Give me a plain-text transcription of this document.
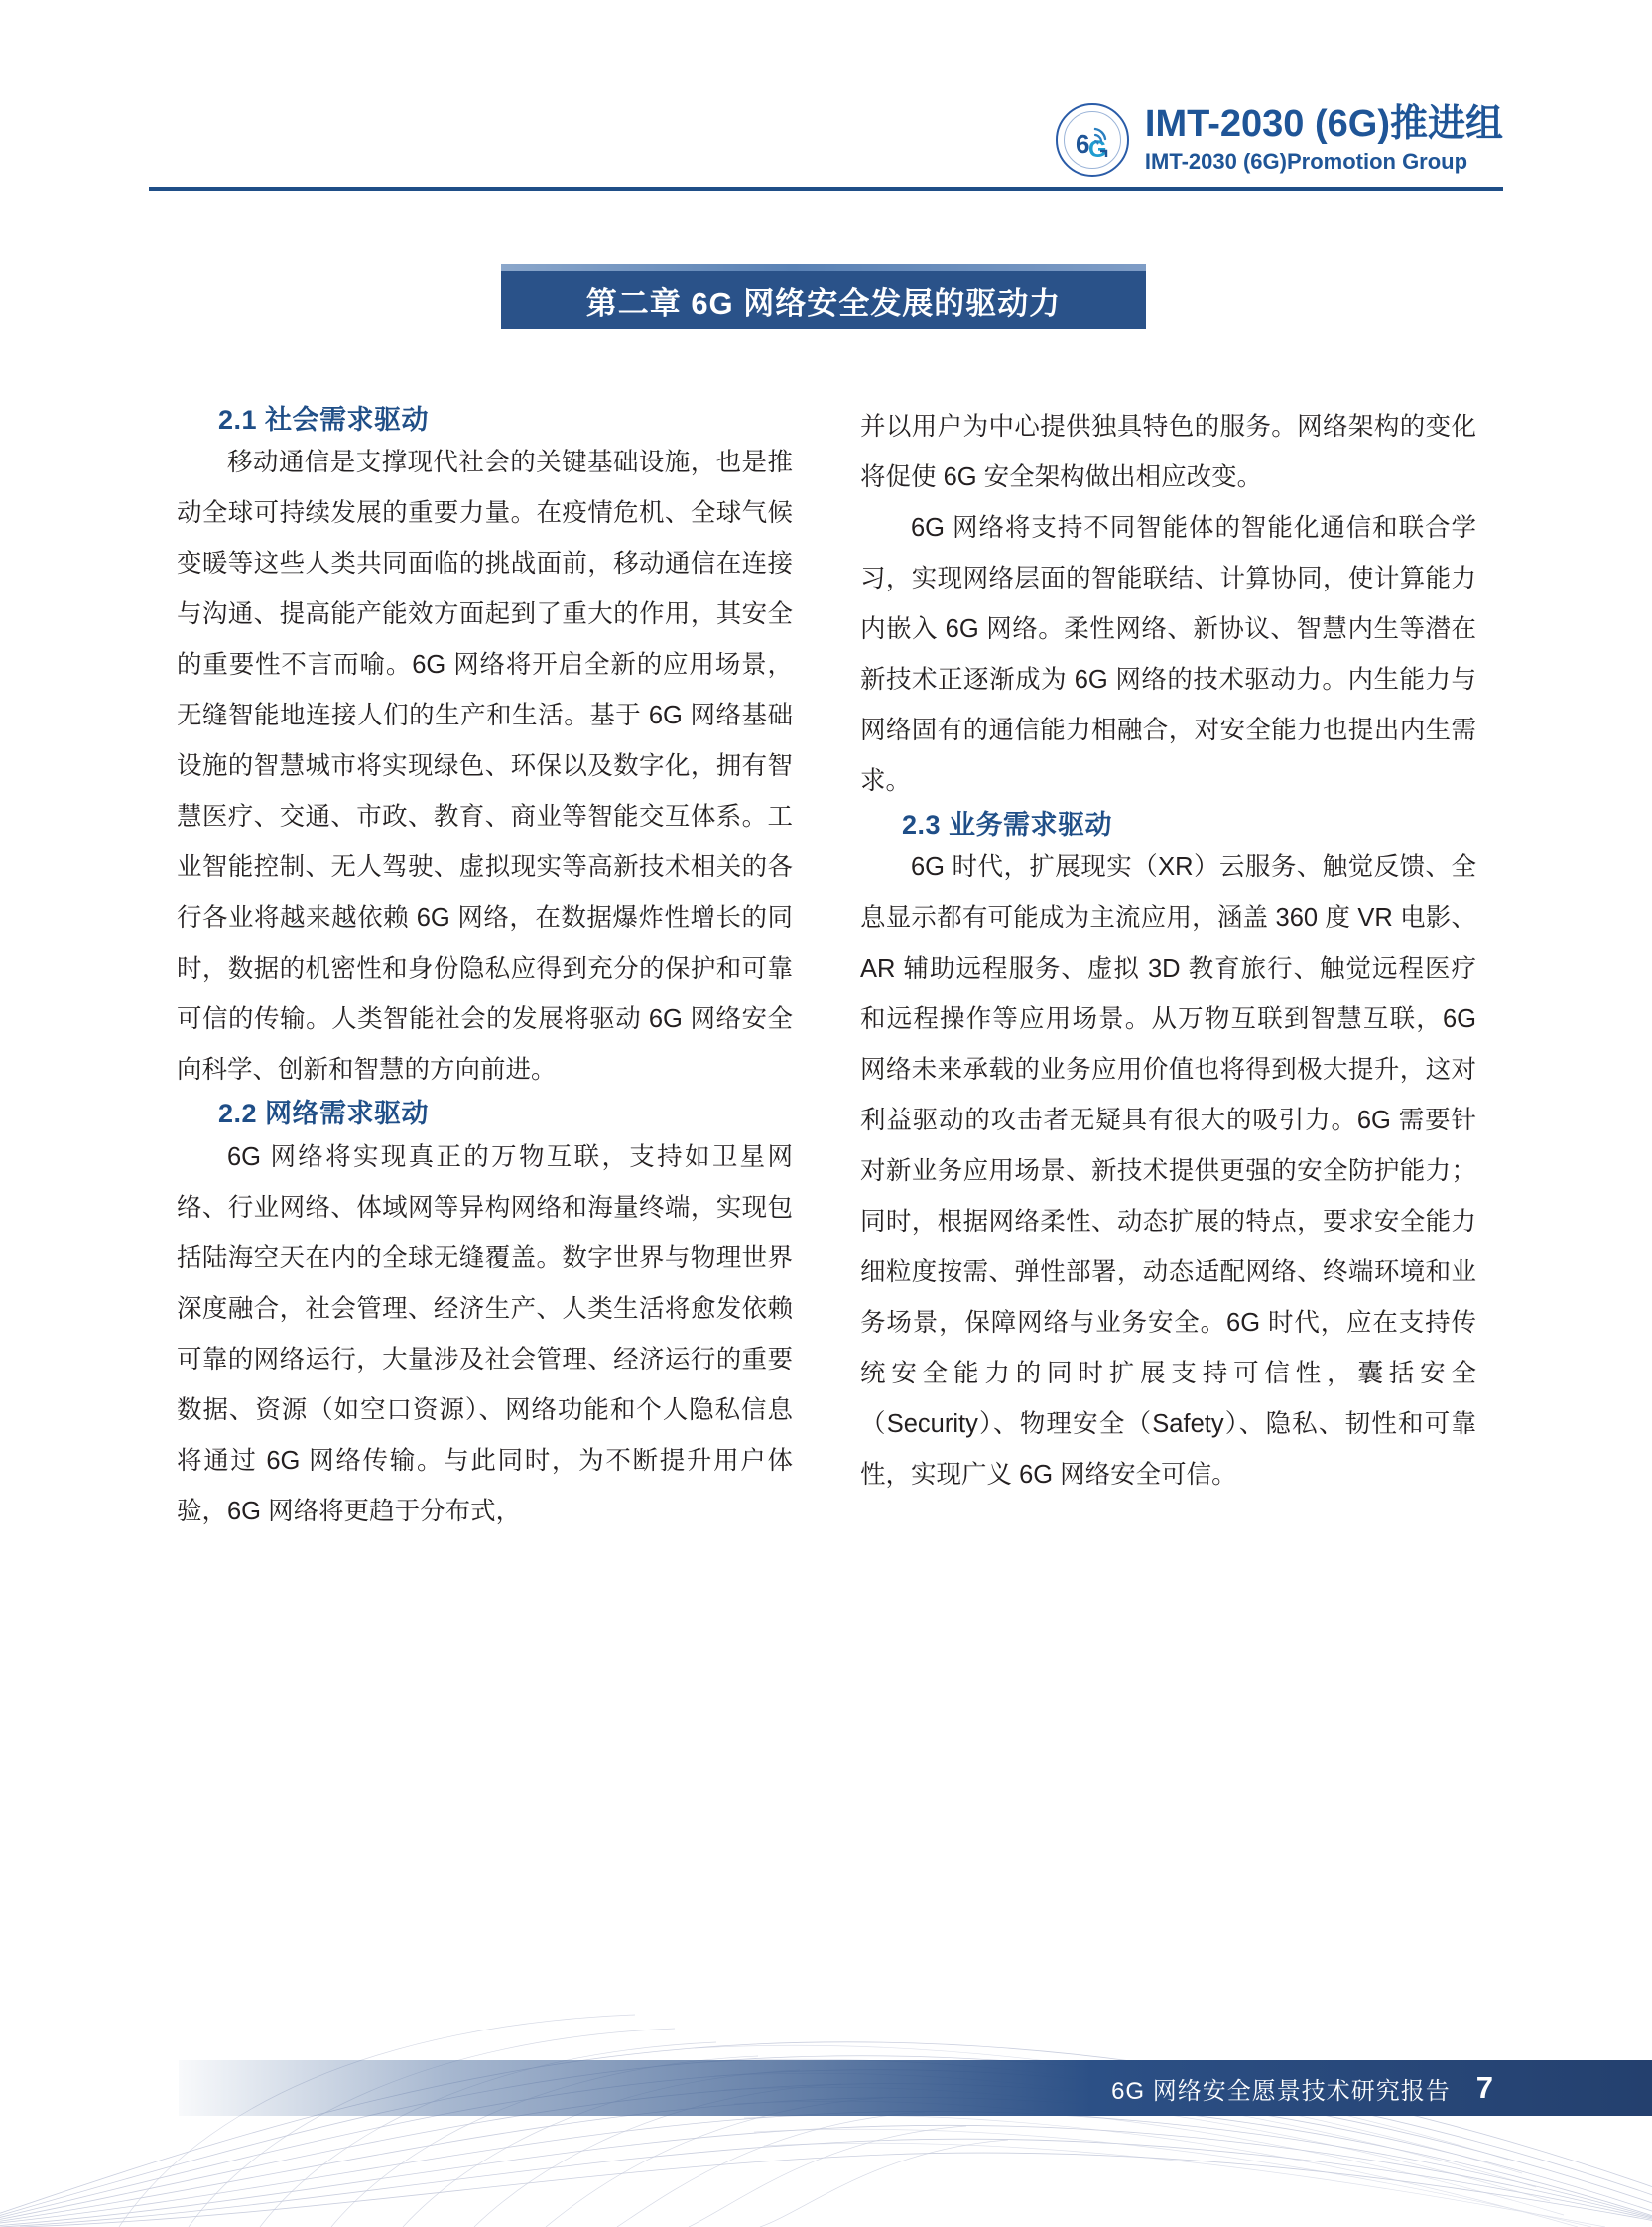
6
G
IMT-2030 (6G)推进组
IMT-2030 (6G)Promotion Group
第二章 6G 网络安全发展的驱动力
2.1 社会需求驱动

移动通信是支撑现代社会的关键基础设施，也是推动全球可持续发展的重要力量。在疫情危机、全球气候变暖等这些人类共同面临的挑战面前，移动通信在连接与沟通、提高能产能效方面起到了重大的作用，其安全的重要性不言而喻。6G 网络将开启全新的应用场景，无缝智能地连接人们的生产和生活。基于 6G 网络基础设施的智慧城市将实现绿色、环保以及数字化，拥有智慧医疗、交通、市政、教育、商业等智能交互体系。工业智能控制、无人驾驶、虚拟现实等高新技术相关的各行各业将越来越依赖 6G 网络，在数据爆炸性增长的同时，数据的机密性和身份隐私应得到充分的保护和可靠可信的传输。人类智能社会的发展将驱动 6G 网络安全向科学、创新和智慧的方向前进。

2.2 网络需求驱动

6G 网络将实现真正的万物互联，支持如卫星网络、行业网络、体域网等异构网络和海量终端，实现包括陆海空天在内的全球无缝覆盖。数字世界与物理世界深度融合，社会管理、经济生产、人类生活将愈发依赖可靠的网络运行，大量涉及社会管理、经济运行的重要数据、资源（如空口资源）、网络功能和个人隐私信息将通过 6G 网络传输。与此同时，为不断提升用户体验，6G 网络将更趋于分布式，

并以用户为中心提供独具特色的服务。网络架构的变化将促使 6G 安全架构做出相应改变。

6G 网络将支持不同智能体的智能化通信和联合学习，实现网络层面的智能联结、计算协同，使计算能力内嵌入 6G 网络。柔性网络、新协议、智慧内生等潜在新技术正逐渐成为 6G 网络的技术驱动力。内生能力与网络固有的通信能力相融合，对安全能力也提出内生需求。

2.3 业务需求驱动

6G 时代，扩展现实（XR）云服务、触觉反馈、全息显示都有可能成为主流应用，涵盖 360 度 VR 电影、AR 辅助远程服务、虚拟 3D 教育旅行、触觉远程医疗和远程操作等应用场景。从万物互联到智慧互联，6G 网络未来承载的业务应用价值也将得到极大提升，这对利益驱动的攻击者无疑具有很大的吸引力。6G 需要针对新业务应用场景、新技术提供更强的安全防护能力；同时，根据网络柔性、动态扩展的特点，要求安全能力细粒度按需、弹性部署，动态适配网络、终端环境和业务场景，保障网络与业务安全。6G 时代，应在支持传统安全能力的同时扩展支持可信性，囊括安全（Security）、物理安全（Safety）、隐私、韧性和可靠性，实现广义 6G 网络安全可信。

6G 网络安全愿景技术研究报告 7
